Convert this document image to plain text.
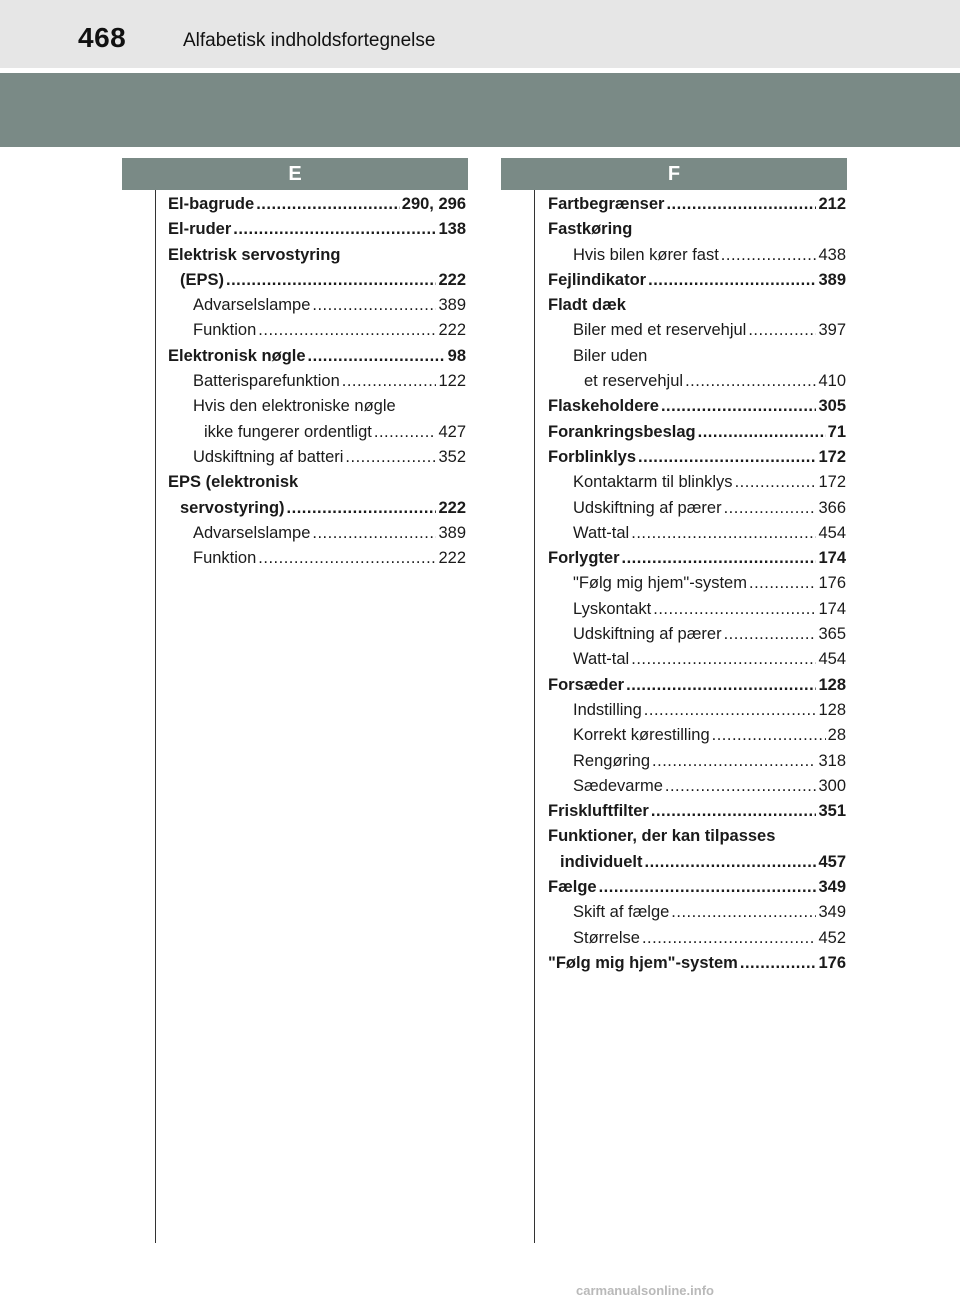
468	Alfabetisk indholdsfortegnelse
E	F
El-bagrude .....	290, 296
El-ruder .....	138
Elektrisk servostyring
(EPS) .....	222
Advarselslampe .....	389
Funktion .....	222
Elektronisk nøgle .....	98
Batterisparefunktion .....	122
Hvis den elektroniske nøgle
ikke fungerer ordentligt .....	427
Udskiftning af batteri .....	352
EPS (elektronisk
servostyring) .....	222
Advarselslampe .....	389
Funktion .....	222
Fartbegrænser .....	212
Fastkøring
Hvis bilen kører fast .....	438
Fejlindikator .....	389
Fladt dæk
Biler med et reservehjul .....	397
Biler uden
et reservehjul .....	410
Flaskeholdere .....	305
Forankringsbeslag .....	71
Forblinklys .....	172
Kontaktarm til blinklys .....	172
Udskiftning af pærer .....	366
Watt-tal .....	454
Forlygter .....	174
"Følg mig hjem"-system .....	176
Lyskontakt .....	174
Udskiftning af pærer .....	365
Watt-tal .....	454
Forsæder .....	128
Indstilling .....	128
Korrekt kørestilling .....	28
Rengøring .....	318
Sædevarme .....	300
Friskluftfilter .....	351
Funktioner, der kan tilpasses
individuelt .....	457
Fælge .....	349
Skift af fælge .....	349
Størrelse .....	452
"Følg mig hjem"-system .....	176
carmanualsonline.info
